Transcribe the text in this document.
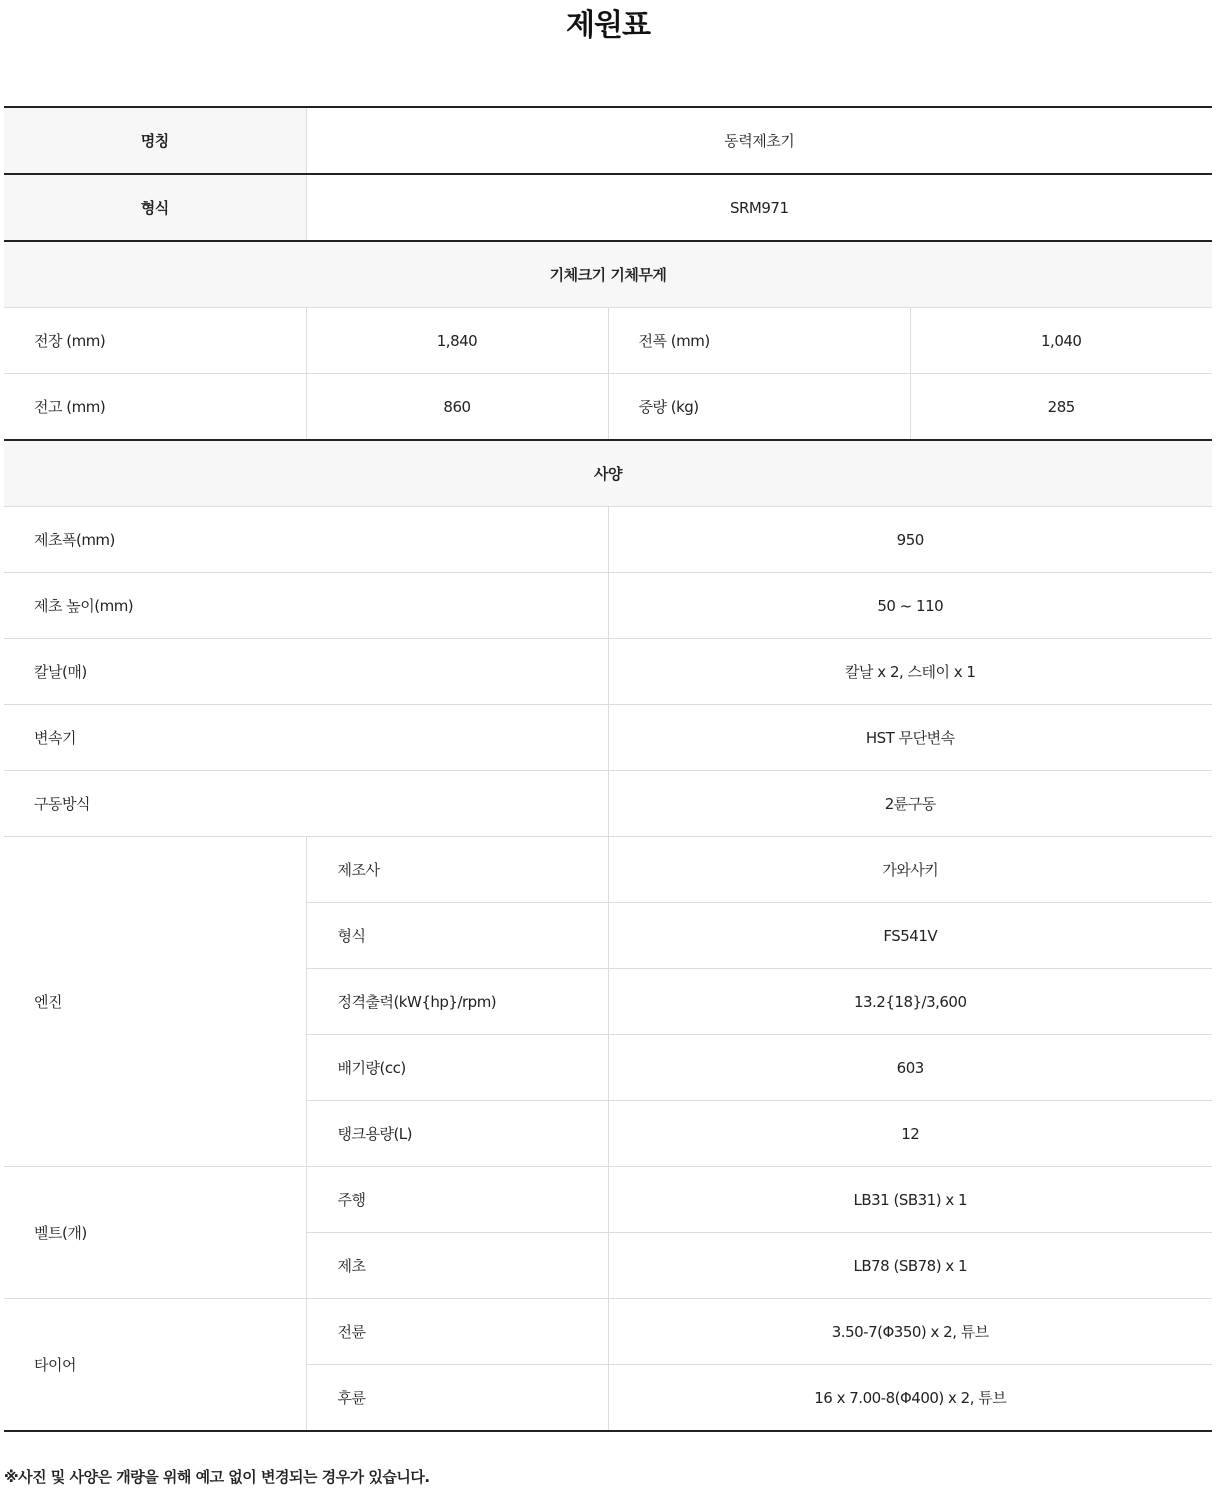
제원표
명칭	동력제초기		
형식	SRM971		
기체크기 기체무게			
전장 (mm)	1,840	전폭 (mm)	1,040
전고 (mm)	860	중량 (kg)	285
사양			
제초폭(mm)		950	
제초 높이(mm)		50 ~ 110	
칼날(매)		칼날 x 2, 스테이 x 1	
변속기		HST 무단변속	
구동방식		2륜구동	
엔진	제조사	가와사키	
	형식	FS541V	
	정격출력(kW{hp}/rpm)	13.2{18}/3,600	
	배기량(cc)	603	
	탱크용량(L)	12	
벨트(개)	주행	LB31 (SB31) x 1	
	제초	LB78 (SB78) x 1	
타이어	전륜	3.50-7(Φ350) x 2, 튜브	
	후륜	16 x 7.00-8(Φ400) x 2, 튜브	
※사진 및 사양은 개량을 위해 예고 없이 변경되는 경우가 있습니다.
